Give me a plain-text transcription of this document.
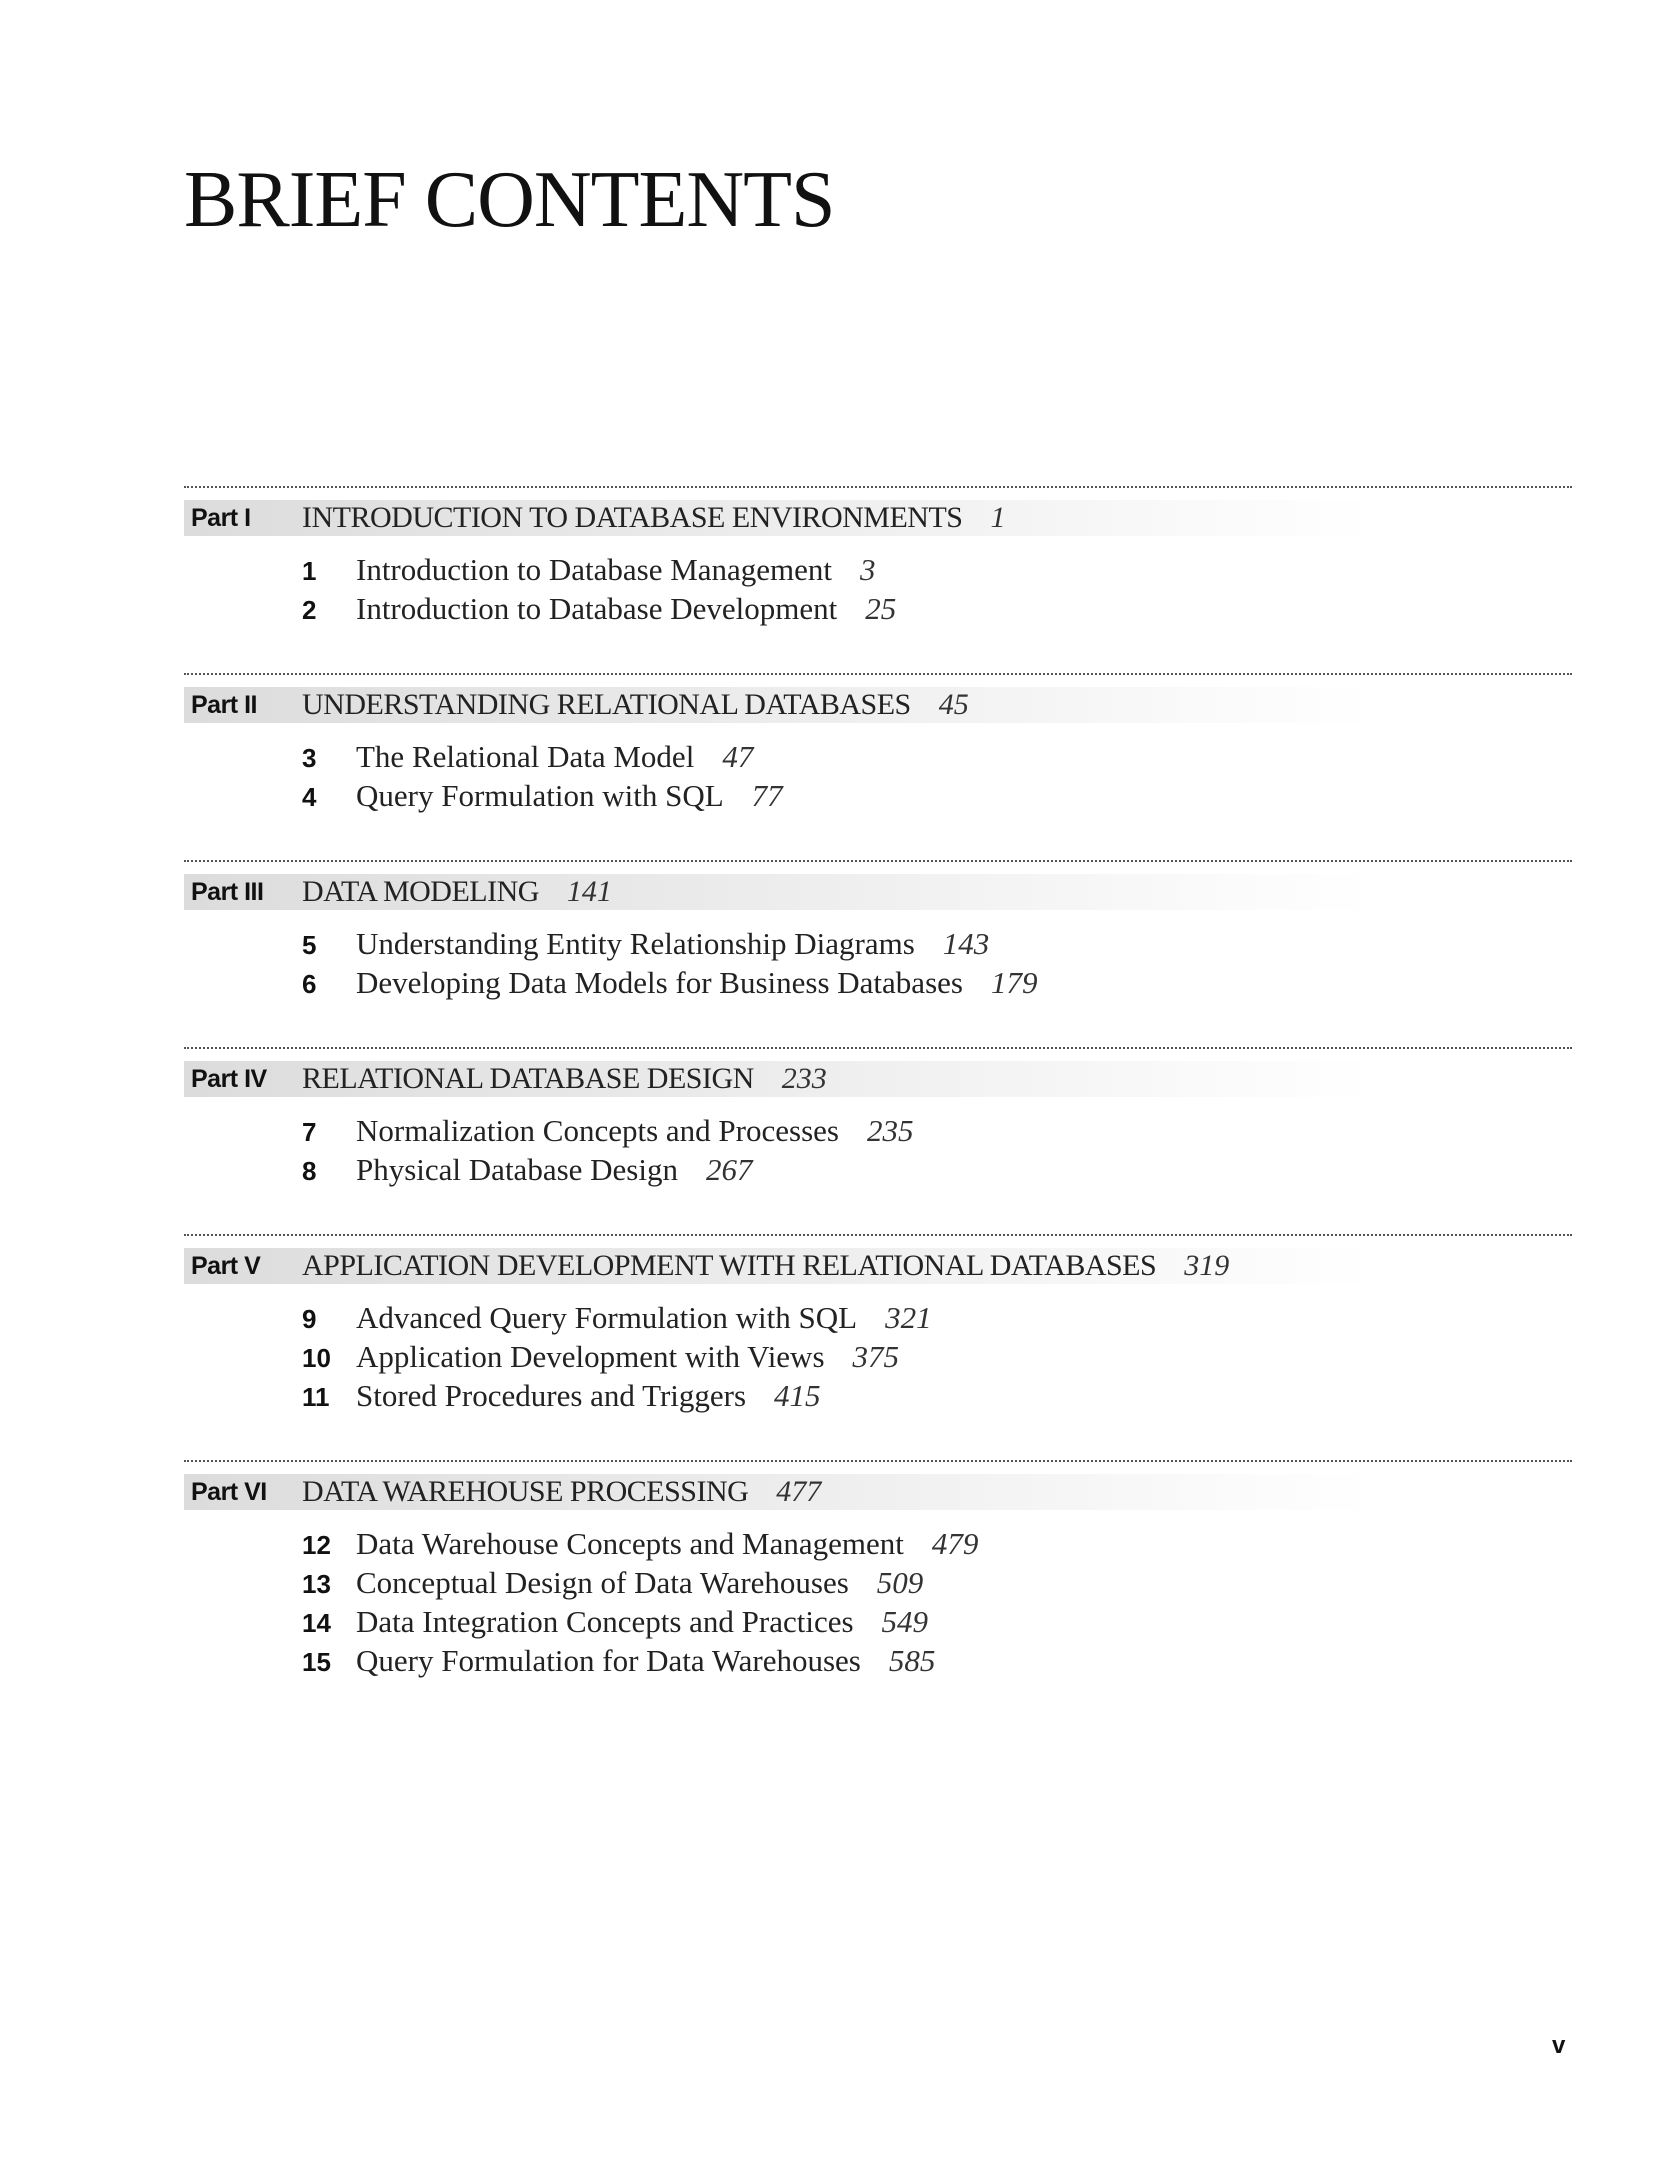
BRIEF CONTENTS
Part I INTRODUCTION TO DATABASE ENVIRONMENTS 1
1 Introduction to Database Management 3
2 Introduction to Database Development 25
Part II UNDERSTANDING RELATIONAL DATABASES 45
3 The Relational Data Model 47
4 Query Formulation with SQL 77
Part III DATA MODELING 141
5 Understanding Entity Relationship Diagrams 143
6 Developing Data Models for Business Databases 179
Part IV RELATIONAL DATABASE DESIGN 233
7 Normalization Concepts and Processes 235
8 Physical Database Design 267
Part V APPLICATION DEVELOPMENT WITH RELATIONAL DATABASES 319
9 Advanced Query Formulation with SQL 321
10 Application Development with Views 375
11 Stored Procedures and Triggers 415
Part VI DATA WAREHOUSE PROCESSING 477
12 Data Warehouse Concepts and Management 479
13 Conceptual Design of Data Warehouses 509
14 Data Integration Concepts and Practices 549
15 Query Formulation for Data Warehouses 585
v
